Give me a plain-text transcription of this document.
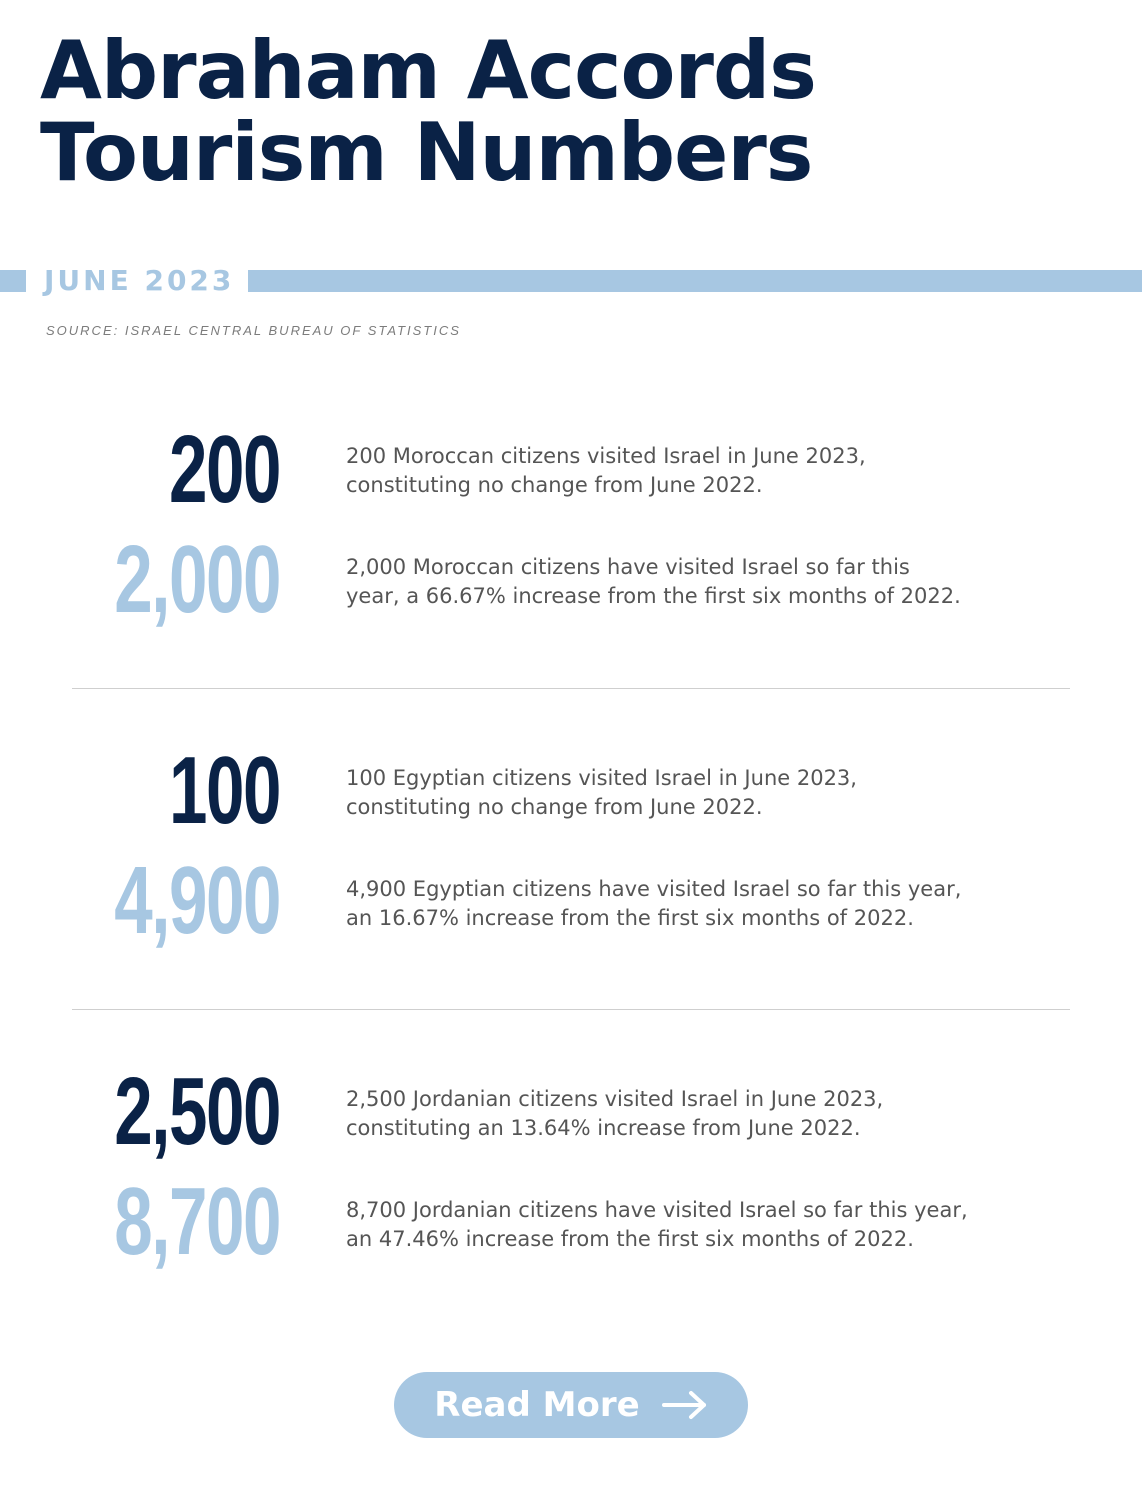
Abraham Accords
Tourism Numbers
JUNE 2023
SOURCE: ISRAEL CENTRAL BUREAU OF STATISTICS
200	200 Moroccan citizens visited Israel in June 2023,
constituting no change from June 2022.

2,000	2,000 Moroccan citizens have visited Israel so far this
year, a 66.67% increase from the first six months of 2022.

100	100 Egyptian citizens visited Israel in June 2023,
constituting no change from June 2022.

4,900	4,900 Egyptian citizens have visited Israel so far this year,
an 16.67% increase from the first six months of 2022.

2,500	2,500 Jordanian citizens visited Israel in June 2023,
constituting an 13.64% increase from June 2022.

8,700	8,700 Jordanian citizens have visited Israel so far this year,
an 47.46% increase from the first six months of 2022.

Read More
